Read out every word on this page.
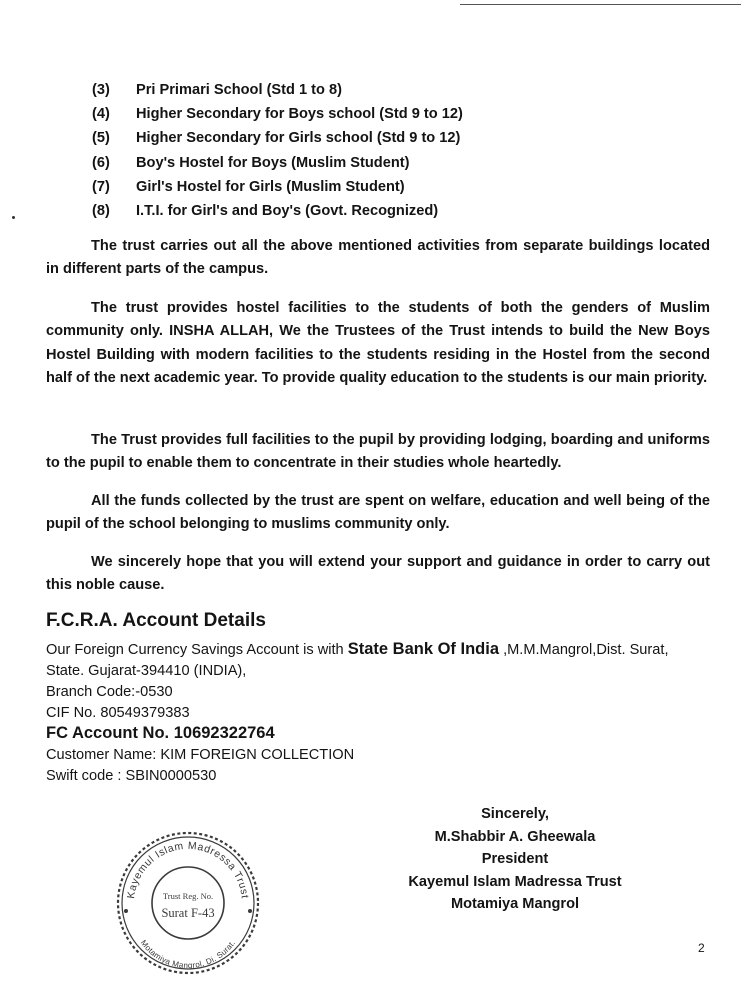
(3) Pri Primari School (Std 1 to 8)
(4) Higher Secondary for Boys school (Std 9 to 12)
(5) Higher Secondary for Girls school (Std 9 to 12)
(6) Boy's Hostel for Boys (Muslim Student)
(7) Girl's Hostel for Girls (Muslim Student)
(8) I.T.I. for Girl's and Boy's (Govt. Recognized)

The trust carries out all the above mentioned activities from separate buildings located in different parts of the campus.

The trust provides hostel facilities to the students of both the genders of Muslim community only. INSHA ALLAH, We the Trustees of the Trust intends to build the New Boys Hostel Building with modern facilities to the students residing in the Hostel from the second half of the next academic year. To provide quality education to the students is our main priority.

The Trust provides full facilities to the pupil by providing lodging, boarding and uniforms to the pupil to enable them to concentrate in their studies whole heartedly.

All the funds collected by the trust are spent on welfare, education and well being of the pupil of the school belonging to muslims community only.

We sincerely hope that you will extend your support and guidance in order to carry out this noble cause.

F.C.R.A. Account Details
Our Foreign Currency Savings Account is with State Bank Of India ,M.M.Mangrol,Dist. Surat,
State. Gujarat-394410 (INDIA),
Branch Code:-0530
CIF No. 80549379383
FC Account No. 10692322764
Customer Name: KIM FOREIGN COLLECTION
Swift code : SBIN0000530
Sincerely,
M.Shabbir A. Gheewala
President
Kayemul Islam Madressa Trust
Motamiya Mangrol
Kayemul Islam Madressa Trust
Motamiya Mangrol, Di. Surat.
Trust Reg. No.
Surat F-43
2
